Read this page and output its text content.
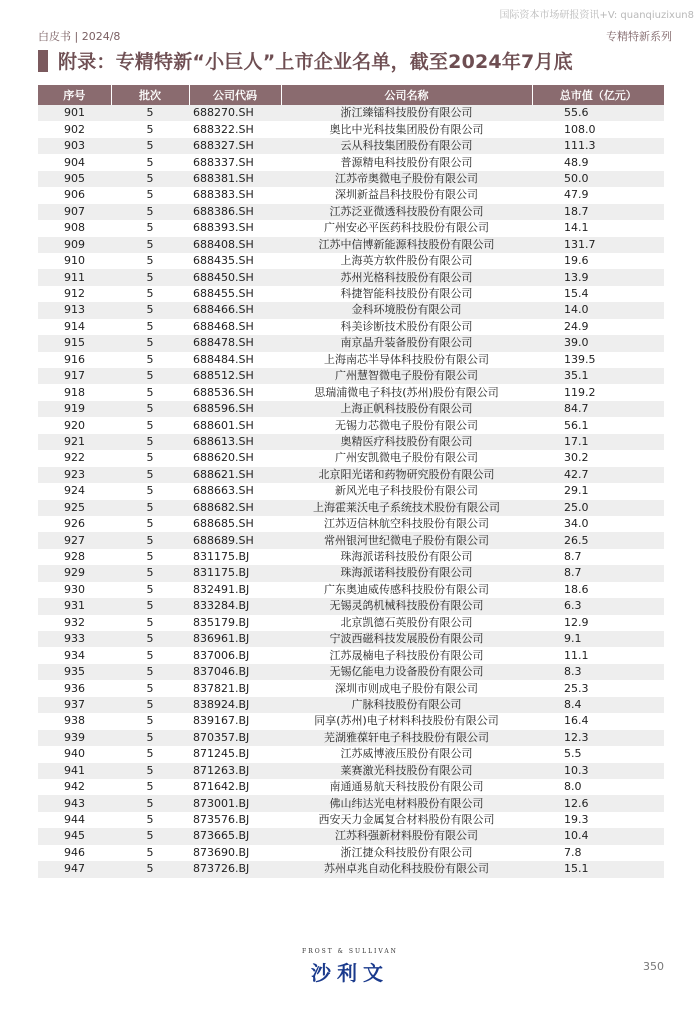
国际资本市场研报资讯+V: quanqiuzixun8
白皮书 | 2024/8	专精特新系列
附录：专精特新“小巨人”上市企业名单，截至2024年7月底
序号	批次	公司代码	公司名称	总市值（亿元）
901	5	688270.SH	浙江臻镭科技股份有限公司	55.6
902	5	688322.SH	奥比中光科技集团股份有限公司	108.0
903	5	688327.SH	云从科技集团股份有限公司	111.3
904	5	688337.SH	普源精电科技股份有限公司	48.9
905	5	688381.SH	江苏帝奥微电子股份有限公司	50.0
906	5	688383.SH	深圳新益昌科技股份有限公司	47.9
907	5	688386.SH	江苏泛亚微透科技股份有限公司	18.7
908	5	688393.SH	广州安必平医药科技股份有限公司	14.1
909	5	688408.SH	江苏中信博新能源科技股份有限公司	131.7
910	5	688435.SH	上海英方软件股份有限公司	19.6
911	5	688450.SH	苏州光格科技股份有限公司	13.9
912	5	688455.SH	科捷智能科技股份有限公司	15.4
913	5	688466.SH	金科环境股份有限公司	14.0
914	5	688468.SH	科美诊断技术股份有限公司	24.9
915	5	688478.SH	南京晶升装备股份有限公司	39.0
916	5	688484.SH	上海南芯半导体科技股份有限公司	139.5
917	5	688512.SH	广州慧智微电子股份有限公司	35.1
918	5	688536.SH	思瑞浦微电子科技(苏州)股份有限公司	119.2
919	5	688596.SH	上海正帆科技股份有限公司	84.7
920	5	688601.SH	无锡力芯微电子股份有限公司	56.1
921	5	688613.SH	奥精医疗科技股份有限公司	17.1
922	5	688620.SH	广州安凯微电子股份有限公司	30.2
923	5	688621.SH	北京阳光诺和药物研究股份有限公司	42.7
924	5	688663.SH	新风光电子科技股份有限公司	29.1
925	5	688682.SH	上海霍莱沃电子系统技术股份有限公司	25.0
926	5	688685.SH	江苏迈信林航空科技股份有限公司	34.0
927	5	688689.SH	常州银河世纪微电子股份有限公司	26.5
928	5	831175.BJ	珠海派诺科技股份有限公司	8.7
929	5	831175.BJ	珠海派诺科技股份有限公司	8.7
930	5	832491.BJ	广东奥迪威传感科技股份有限公司	18.6
931	5	833284.BJ	无锡灵鸽机械科技股份有限公司	6.3
932	5	835179.BJ	北京凯德石英股份有限公司	12.9
933	5	836961.BJ	宁波西磁科技发展股份有限公司	9.1
934	5	837006.BJ	江苏晟楠电子科技股份有限公司	11.1
935	5	837046.BJ	无锡亿能电力设备股份有限公司	8.3
936	5	837821.BJ	深圳市则成电子股份有限公司	25.3
937	5	838924.BJ	广脉科技股份有限公司	8.4
938	5	839167.BJ	同享(苏州)电子材料科技股份有限公司	16.4
939	5	870357.BJ	芜湖雅葆轩电子科技股份有限公司	12.3
940	5	871245.BJ	江苏威博液压股份有限公司	5.5
941	5	871263.BJ	莱赛激光科技股份有限公司	10.3
942	5	871642.BJ	南通通易航天科技股份有限公司	8.0
943	5	873001.BJ	佛山纬达光电材料股份有限公司	12.6
944	5	873576.BJ	西安天力金属复合材料股份有限公司	19.3
945	5	873665.BJ	江苏科强新材料股份有限公司	10.4
946	5	873690.BJ	浙江捷众科技股份有限公司	7.8
947	5	873726.BJ	苏州卓兆自动化科技股份有限公司	15.1
FROST & SULLIVAN
沙利文	350
